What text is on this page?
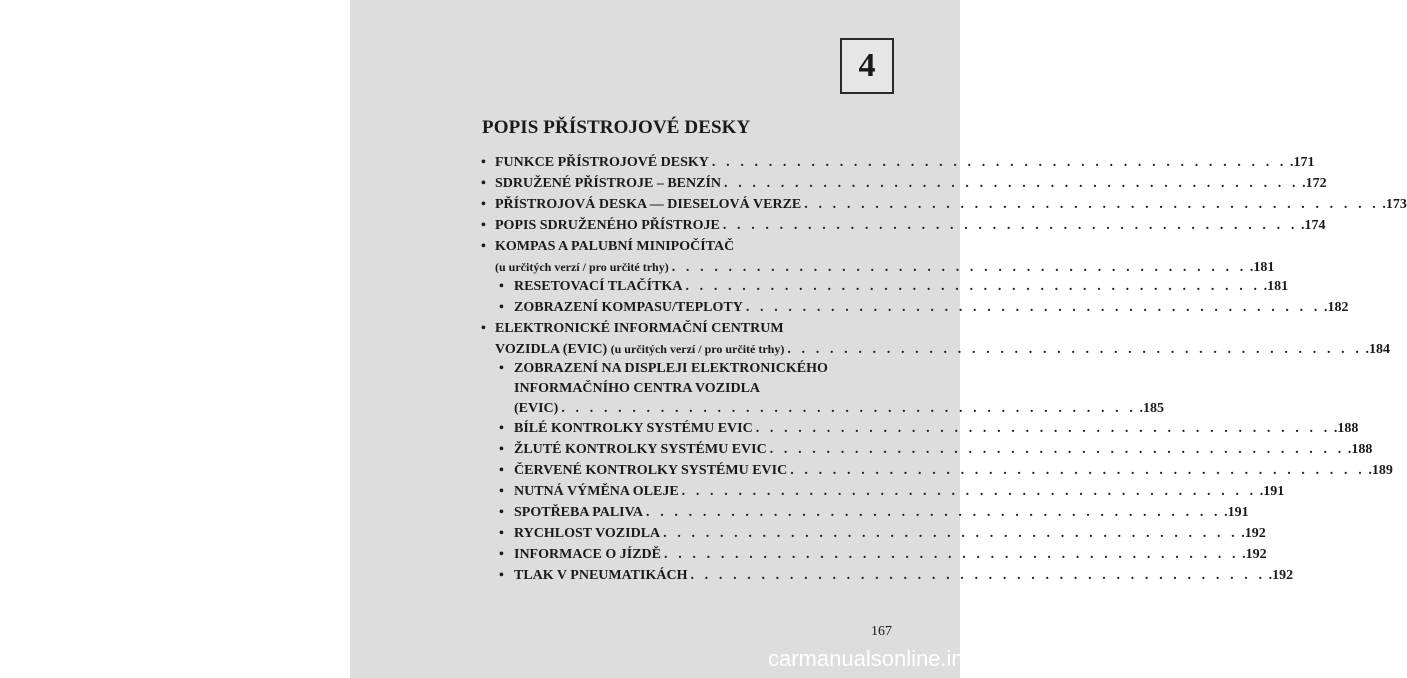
4
POPIS PŘÍSTROJOVÉ DESKY
• FUNKCE PŘÍSTROJOVÉ DESKY . . . . . . . . . . . . . . . . . . . . . . . . . . . . . . . . . . . . . . . . . .171
• SDRUŽENÉ PŘÍSTROJE – BENZÍN . . . . . . . . . . . . . . . . . . . . . . . . . . . . . . . . . . . . . . . . . .172
• PŘÍSTROJOVÁ DESKA — DIESELOVÁ VERZE . . . . . . . . . . . . . . . . . . . . . . . . . . . . . . . . . . . . . . . . . .173
• POPIS SDRUŽENÉHO PŘÍSTROJE . . . . . . . . . . . . . . . . . . . . . . . . . . . . . . . . . . . . . . . . . .174
• KOMPAS A PALUBNÍ MINIPOČÍTAČ
(u určitých verzí / pro určité trhy) . . . . . . . . . . . . . . . . . . . . . . . . . . . . . . . . . . . . . . . . . .181
• RESETOVACÍ TLAČÍTKA . . . . . . . . . . . . . . . . . . . . . . . . . . . . . . . . . . . . . . . . . .181
• ZOBRAZENÍ KOMPASU/TEPLOTY . . . . . . . . . . . . . . . . . . . . . . . . . . . . . . . . . . . . . . . . . .182
• ELEKTRONICKÉ INFORMAČNÍ CENTRUM
VOZIDLA (EVIC) (u určitých verzí / pro určité trhy) . . . . . . . . . . . . . . . . . . . . . . . . . . . . . . . . . . . . . . . . . .184
• ZOBRAZENÍ NA DISPLEJI ELEKTRONICKÉHO
INFORMAČNÍHO CENTRA VOZIDLA
(EVIC) . . . . . . . . . . . . . . . . . . . . . . . . . . . . . . . . . . . . . . . . . .185
• BÍLÉ KONTROLKY SYSTÉMU EVIC . . . . . . . . . . . . . . . . . . . . . . . . . . . . . . . . . . . . . . . . . .188
• ŽLUTÉ KONTROLKY SYSTÉMU EVIC . . . . . . . . . . . . . . . . . . . . . . . . . . . . . . . . . . . . . . . . . .188
• ČERVENÉ KONTROLKY SYSTÉMU EVIC . . . . . . . . . . . . . . . . . . . . . . . . . . . . . . . . . . . . . . . . . .189
• NUTNÁ VÝMĚNA OLEJE . . . . . . . . . . . . . . . . . . . . . . . . . . . . . . . . . . . . . . . . . .191
• SPOTŘEBA PALIVA . . . . . . . . . . . . . . . . . . . . . . . . . . . . . . . . . . . . . . . . . .191
• RYCHLOST VOZIDLA . . . . . . . . . . . . . . . . . . . . . . . . . . . . . . . . . . . . . . . . . .192
• INFORMACE O JÍZDĚ . . . . . . . . . . . . . . . . . . . . . . . . . . . . . . . . . . . . . . . . . .192
• TLAK V PNEUMATIKÁCH . . . . . . . . . . . . . . . . . . . . . . . . . . . . . . . . . . . . . . . . . .192
167
carmanualsonline.info
